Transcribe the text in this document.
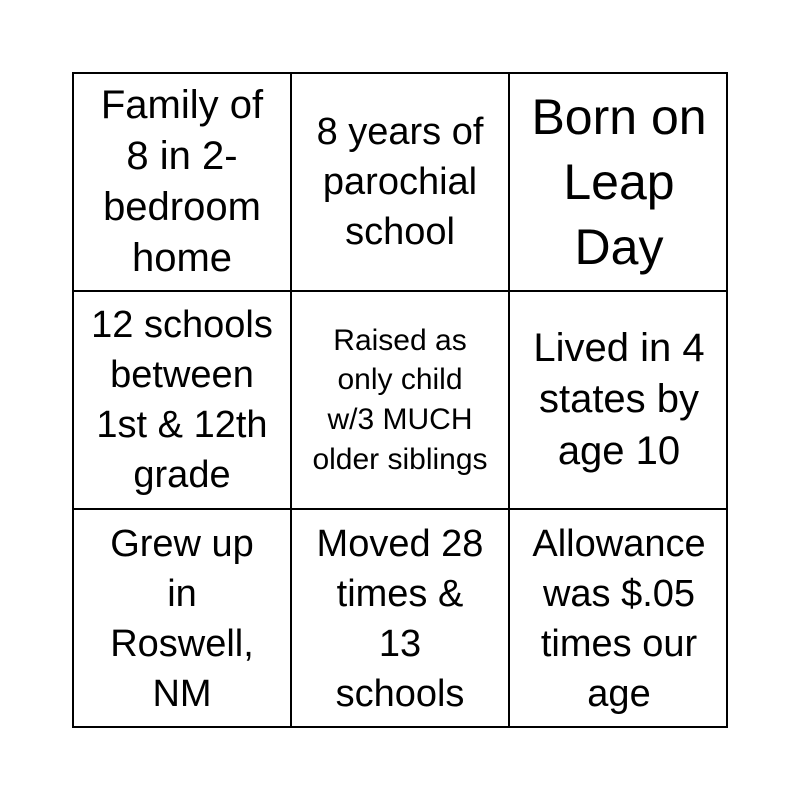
Family of
8 in 2-
bedroom
home
8 years of
parochial
school
Born on
Leap
Day
12 schools
between
1st & 12th
grade
Raised as
only child
w/3 MUCH
older siblings
Lived in 4
states by
age 10
Grew up
in
Roswell,
NM
Moved 28
times &
13
schools
Allowance
was $.05
times our
age
